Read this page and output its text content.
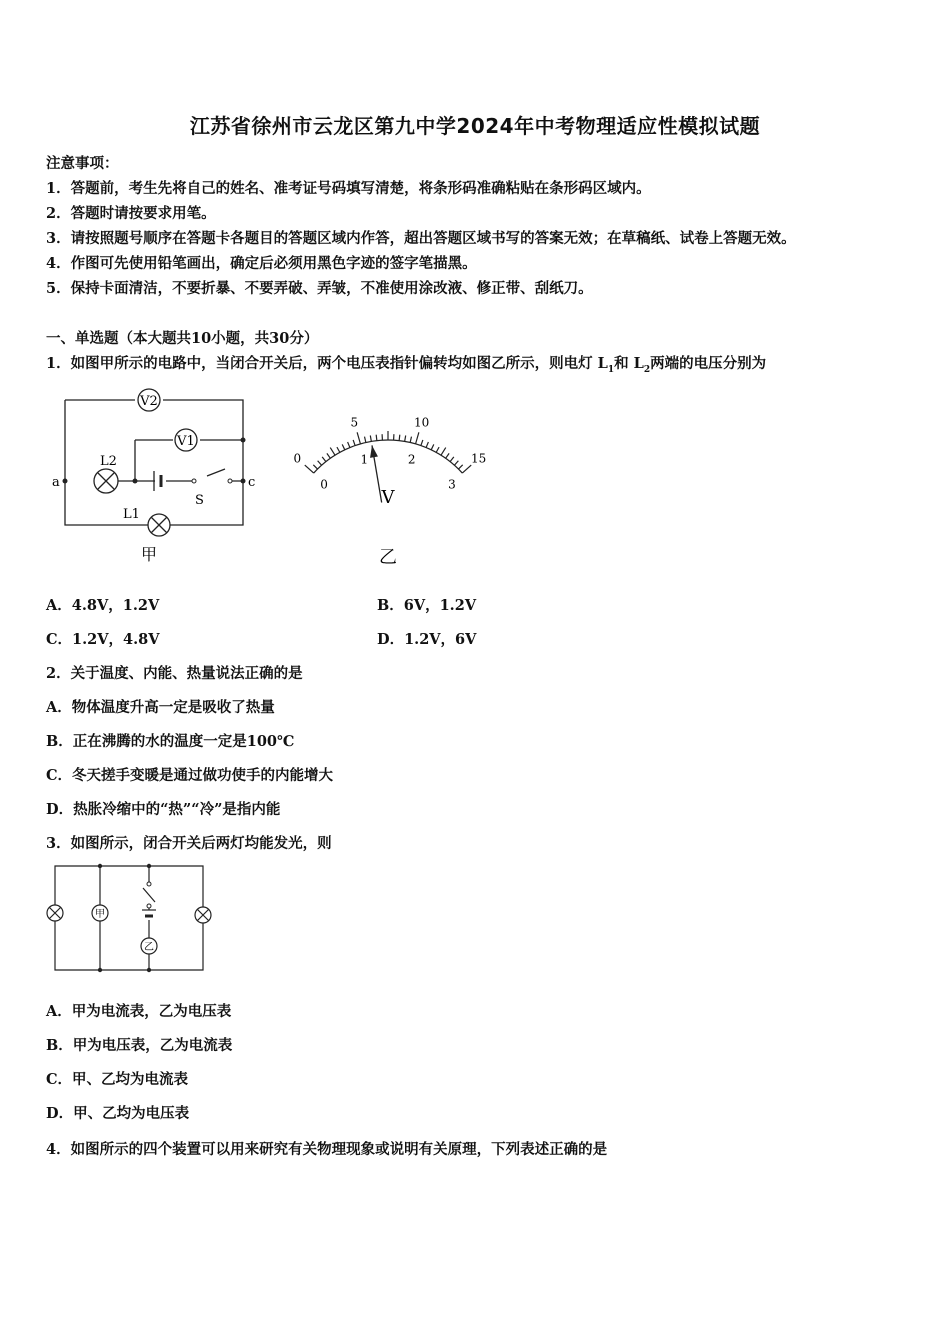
江苏省徐州市云龙区第九中学2024年中考物理适应性模拟试题
注意事项：
1．答题前，考生先将自己的姓名、准考证号码填写清楚，将条形码准确粘贴在条形码区域内。
2．答题时请按要求用笔。
3．请按照题号顺序在答题卡各题目的答题区域内作答，超出答题区域书写的答案无效；在草稿纸、试卷上答题无效。
4．作图可先使用铅笔画出，确定后必须用黑色字迹的签字笔描黑。
5．保持卡面清洁，不要折暴、不要弄破、弄皱，不准使用涂改液、修正带、刮纸刀。
一、单选题（本大题共10小题，共30分）
1．如图甲所示的电路中，当闭合开关后，两个电压表指针偏转均如图乙所示，则电灯 $L_1$和 $L_2$两端的电压分别为
V2
V1
L2
L1
a	c
S
甲
0
5	10
15
0
1	2
3
V
乙
A．4.8V，1.2V	B．6V，1.2V
C．1.2V，4.8V	D．1.2V，6V
2．关于温度、内能、热量说法正确的是
A．物体温度升高一定是吸收了热量
B．正在沸腾的水的温度一定是100℃
C．冬天搓手变暖是通过做功使手的内能增大
D．热胀冷缩中的“热”“冷”是指内能
3．如图所示，闭合开关后两灯均能发光，则
甲
乙
A．甲为电流表，乙为电压表
B．甲为电压表，乙为电流表
C．甲、乙均为电流表
D．甲、乙均为电压表
4．如图所示的四个装置可以用来研究有关物理现象或说明有关原理，下列表述正确的是
